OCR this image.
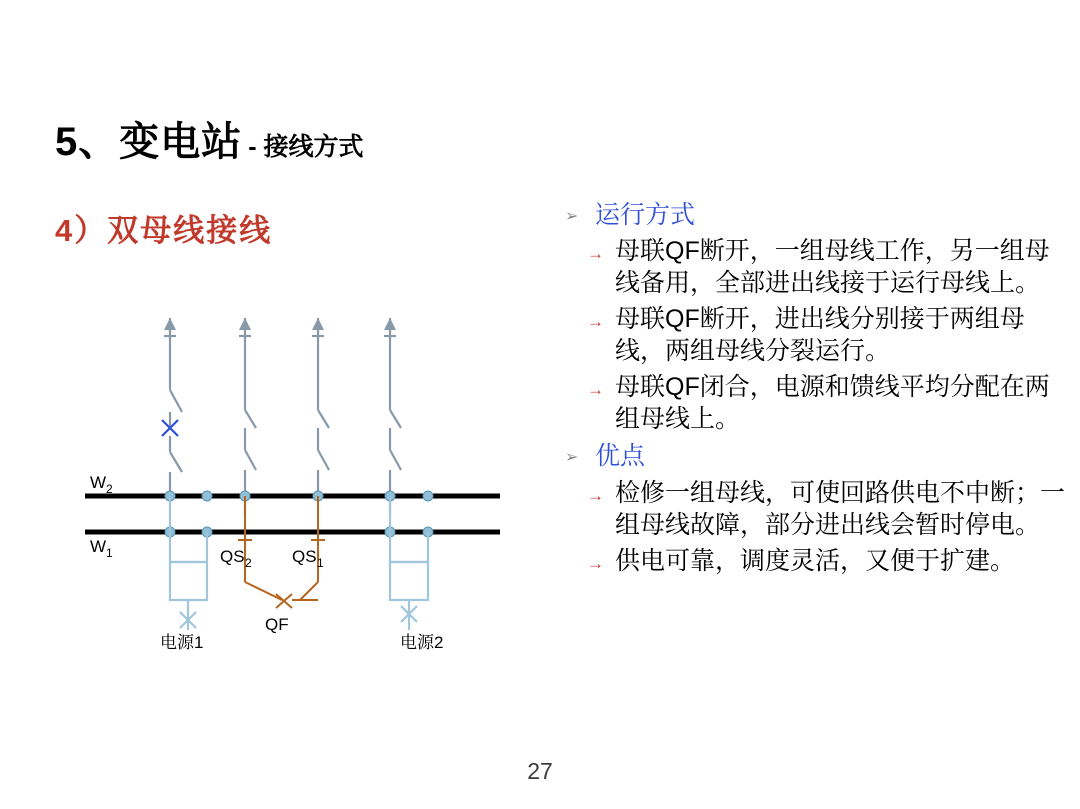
5、变电站 - 接线方式
4）双母线接线	➢ 运行方式
→ 母联QF断开，一组母线工作，另一组母线备用，全部进出线接于运行母线上。
→ 母联QF断开，进出线分别接于两组母线，两组母线分裂运行。
→ 母联QF闭合，电源和馈线平均分配在两组母线上。
➢ 优点
→ 检修一组母线，可使回路供电不中断；一组母线故障，部分进出线会暂时停电。
→ 供电可靠，调度灵活，又便于扩建。
W 2
W 1	QS 2 QS 1
QF
电源1	电源2
27
